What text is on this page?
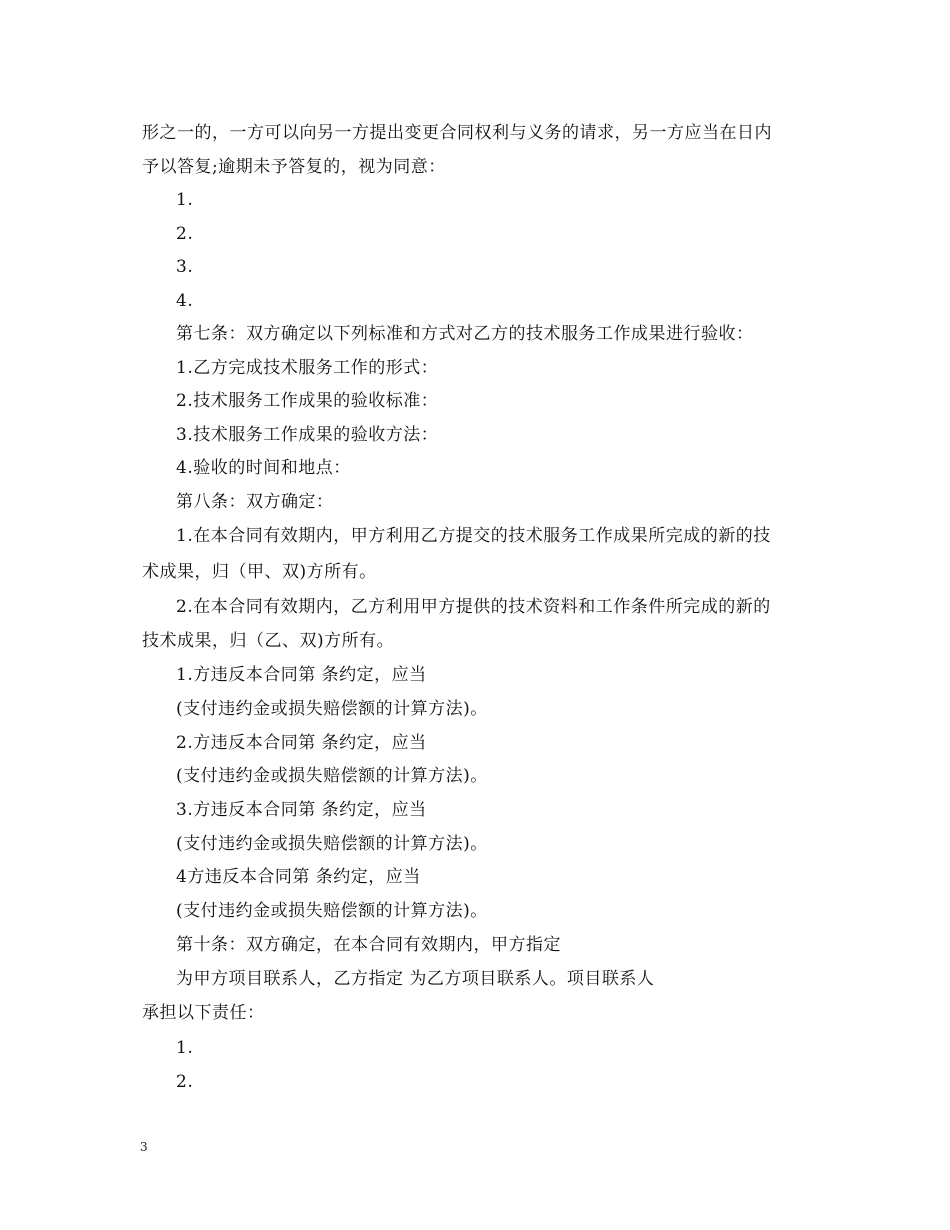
形之一的，一方可以向另一方提出变更合同权利与义务的请求，另一方应当在日内
予以答复;逾期未予答复的，视为同意：
1.
2.
3.
4.
第七条：双方确定以下列标准和方式对乙方的技术服务工作成果进行验收：
1.乙方完成技术服务工作的形式：
2.技术服务工作成果的验收标准：
3.技术服务工作成果的验收方法：
4.验收的时间和地点：
第八条：双方确定：
1.在本合同有效期内，甲方利用乙方提交的技术服务工作成果所完成的新的技
术成果，归（甲、双)方所有。
2.在本合同有效期内，乙方利用甲方提供的技术资料和工作条件所完成的新的
技术成果，归（乙、双)方所有。
1.方违反本合同第 条约定，应当
(支付违约金或损失赔偿额的计算方法)。
2.方违反本合同第 条约定，应当
(支付违约金或损失赔偿额的计算方法)。
3.方违反本合同第 条约定，应当
(支付违约金或损失赔偿额的计算方法)。
4方违反本合同第 条约定，应当
(支付违约金或损失赔偿额的计算方法)。
第十条：双方确定，在本合同有效期内，甲方指定
为甲方项目联系人，乙方指定 为乙方项目联系人。项目联系人
承担以下责任：
1.
2.
3
